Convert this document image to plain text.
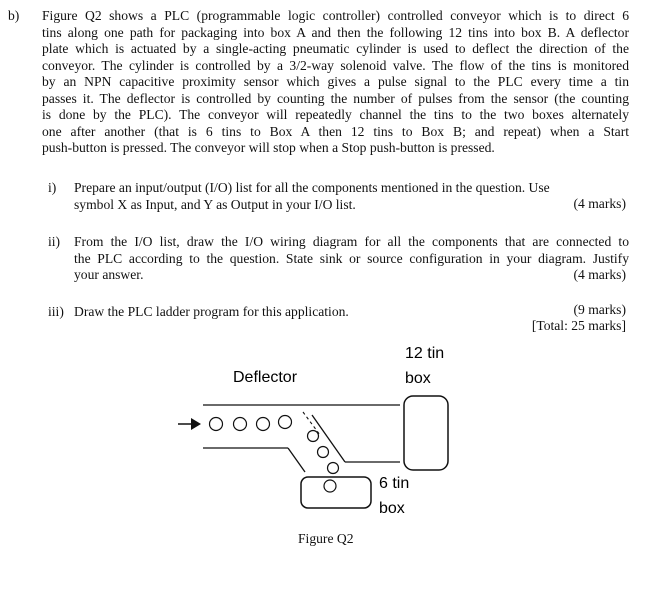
b) Figure Q2 shows a PLC (programmable logic controller) controlled conveyor which is to direct 6
tins along one path for packaging into box A and then the following 12 tins into box B. A deflector
plate which is actuated by a single-acting pneumatic cylinder is used to deflect the direction of the
conveyor. The cylinder is controlled by a 3/2-way solenoid valve. The flow of the tins is monitored
by an NPN capacitive proximity sensor which gives a pulse signal to the PLC every time a tin
passes it. The deflector is controlled by counting the number of pulses from the sensor (the counting
is done by the PLC). The conveyor will repeatedly channel the tins to the two boxes alternately
one after another (that is 6 tins to Box A then 12 tins to Box B; and repeat) when a Start
push-button is pressed. The conveyor will stop when a Stop push-button is pressed.
i) Prepare an input/output (I/O) list for all the components mentioned in the question. Use
symbol X as Input, and Y as Output in your I/O list.	(4 marks)
ii) From the I/O list, draw the I/O wiring diagram for all the components that are connected to
the PLC according to the question. State sink or source configuration in your diagram. Justify
your answer.	(4 marks)
iii) Draw the PLC ladder program for this application.	(9 marks)
[Total: 25 marks]
Deflector
12 tin
box
6 tin
box
Figure Q2
